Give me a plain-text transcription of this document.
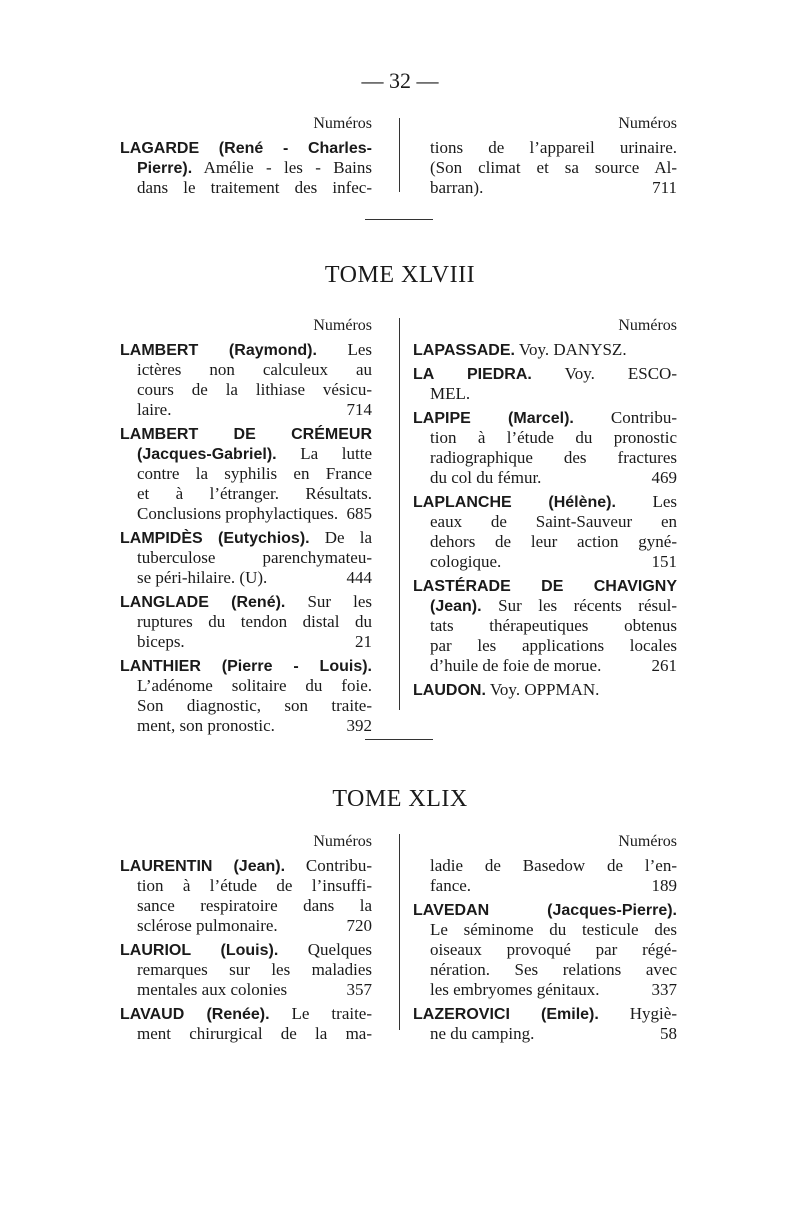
— 32 —
Numéros
LAGARDE (René - Charles-
Pierre). Amélie - les - Bains
dans le traitement des infec-
Numéros
tions de l’appareil urinaire.
(Son climat et sa source Al-
barran).	711
TOME XLVIII
Numéros
LAMBERT (Raymond). Les
ictères non calculeux au
cours de la lithiase vésicu-
laire.	714
LAMBERT DE CRÉMEUR
(Jacques-Gabriel). La lutte
contre la syphilis en France
et à l’étranger. Résultats.
Conclusions prophylactiques. 685
LAMPIDÈS (Eutychios). De la
tuberculose parenchymateu-
se péri-hilaire. (U).	444
LANGLADE (René). Sur les
ruptures du tendon distal du
biceps.	21
LANTHIER (Pierre - Louis).
L’adénome solitaire du foie.
Son diagnostic, son traite-
ment, son pronostic.	392
Numéros
LAPASSADE. Voy. DANYSZ.
LA PIEDRA. Voy. ESCO-
MEL.
LAPIPE (Marcel). Contribu-
tion à l’étude du pronostic
radiographique des fractures
du col du fémur.	469
LAPLANCHE (Hélène). Les
eaux de Saint-Sauveur en
dehors de leur action gyné-
cologique.	151
LASTÉRADE DE CHAVIGNY
(Jean). Sur les récents résul-
tats thérapeutiques obtenus
par les applications locales
d’huile de foie de morue.	261
LAUDON. Voy. OPPMAN.
TOME XLIX
Numéros
LAURENTIN (Jean). Contribu-
tion à l’étude de l’insuffi-
sance respiratoire dans la
sclérose pulmonaire.	720
LAURIOL (Louis). Quelques
remarques sur les maladies
mentales aux colonies	357
LAVAUD (Renée). Le traite-
ment chirurgical de la ma-
Numéros
ladie de Basedow de l’en-
fance.	189
LAVEDAN (Jacques-Pierre).
Le séminome du testicule des
oiseaux provoqué par régé-
nération. Ses relations avec
les embryomes génitaux.	337
LAZEROVICI (Emile). Hygiè-
ne du camping.	58
